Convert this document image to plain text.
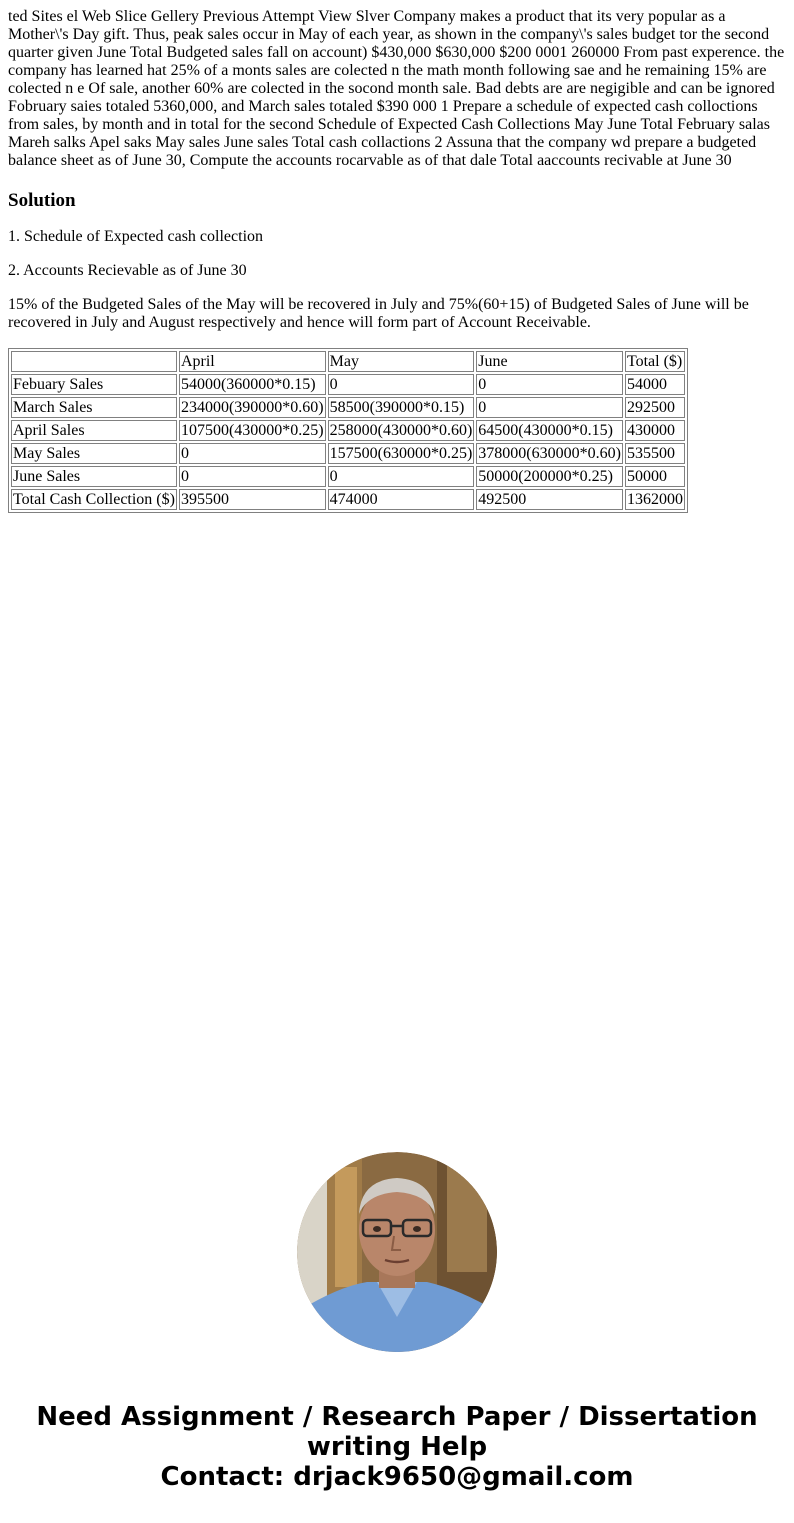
ted Sites el Web Slice Gellery Previous Attempt View Slver Company makes a product that its very popular as a Mother\'s Day gift. Thus, peak sales occur in May of each year, as shown in the company\'s sales budget tor the second quarter given June Total Budgeted sales fall on account) $430,000 $630,000 $200 0001 260000 From past experence. the company has learned hat 25% of a monts sales are colected n the math month following sae and he remaining 15% are colected n e Of sale, another 60% are colected in the socond month sale. Bad debts are are negigible and can be ignored Fobruary saies totaled 5360,000, and March sales totaled $390 000 1 Prepare a schedule of expected cash colloctions from sales, by month and in total for the second Schedule of Expected Cash Collections May June Total February salas Mareh salks Apel saks May sales June sales Total cash collactions 2 Assuna that the company wd prepare a budgeted balance sheet as of June 30, Compute the accounts rocarvable as of that dale Total aaccounts recivable at June 30
Solution

1. Schedule of Expected cash collection

2. Accounts Recievable as of June 30

15% of the Budgeted Sales of the May will be recovered in July and 75%(60+15) of Budgeted Sales of June will be recovered in July and August respectively and hence will form part of Account Receivable.

	April	May	June	Total ($)
Febuary Sales	54000(360000*0.15)	0	0	54000
March Sales	234000(390000*0.60)	58500(390000*0.15)	0	292500
April Sales	107500(430000*0.25)	258000(430000*0.60)	64500(430000*0.15)	430000
May Sales	0	157500(630000*0.25)	378000(630000*0.60)	535500
June Sales	0	0	50000(200000*0.25)	50000
Total Cash Collection ($)	395500	474000	492500	1362000
Need Assignment / Research Paper / Dissertation
writing Help
Contact: drjack9650@gmail.com
